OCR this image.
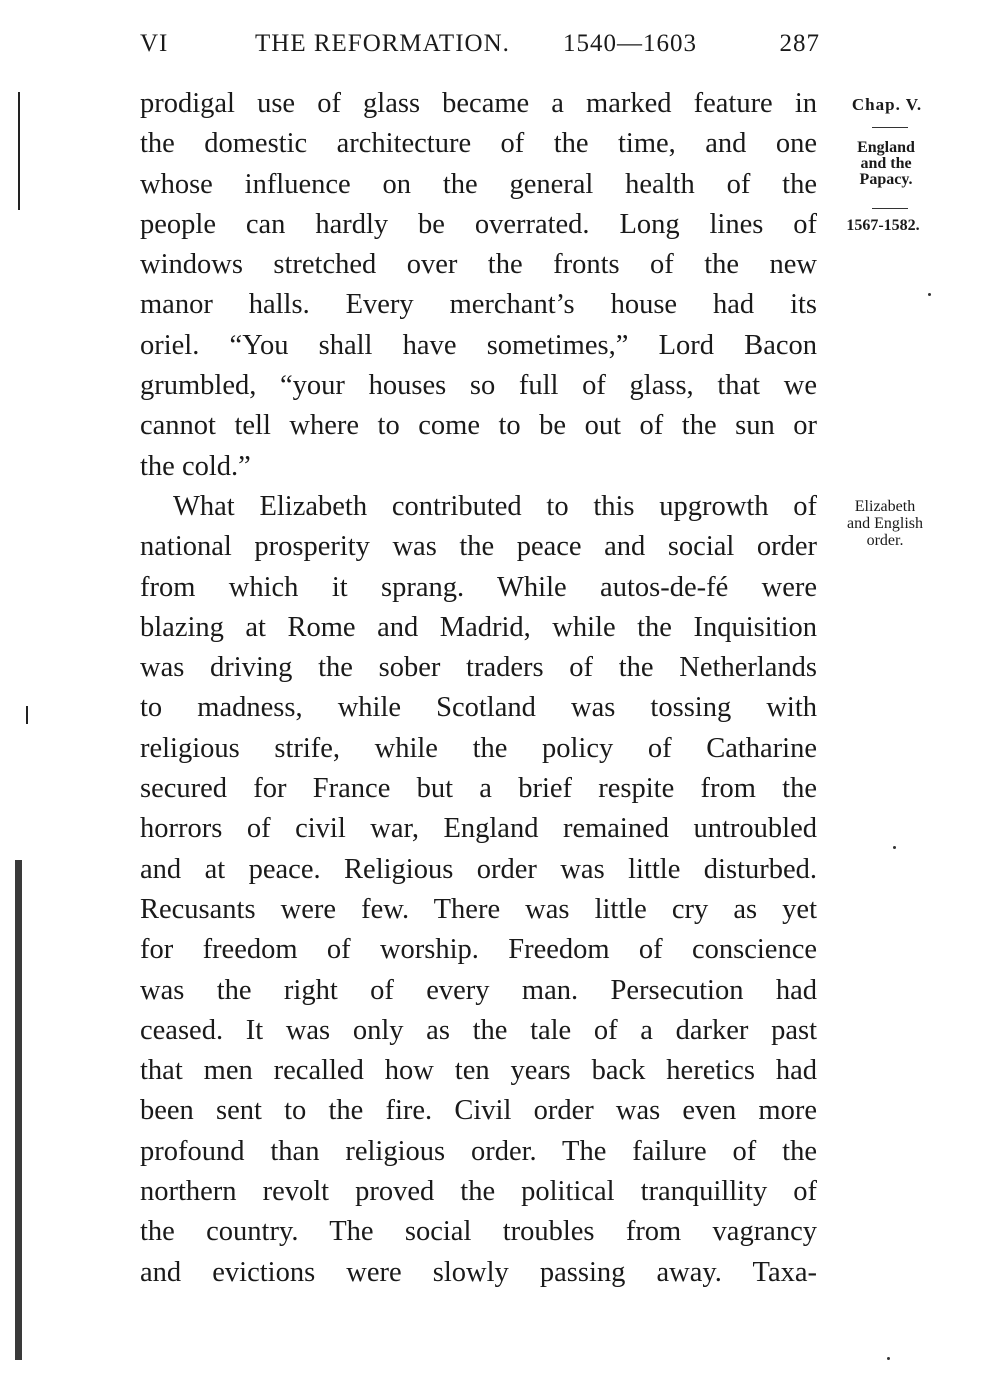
VI	THE REFORMATION. 1540—1603	287
prodigal use of glass became a marked feature in
the domestic architecture of the time, and one
whose influence on the general health of the
people can hardly be overrated. Long lines of
windows stretched over the fronts of the new
manor halls. Every merchant’s house had its
oriel. “You shall have sometimes,” Lord Bacon
grumbled, “your houses so full of glass, that we
cannot tell where to come to be out of the sun or
the cold.”
What Elizabeth contributed to this upgrowth of
national prosperity was the peace and social order
from which it sprang. While autos-de-fé were
blazing at Rome and Madrid, while the Inquisition
was driving the sober traders of the Netherlands
to madness, while Scotland was tossing with
religious strife, while the policy of Catharine
secured for France but a brief respite from the
horrors of civil war, England remained untroubled
and at peace. Religious order was little disturbed.
Recusants were few. There was little cry as yet
for freedom of worship. Freedom of conscience
was the right of every man. Persecution had
ceased. It was only as the tale of a darker past
that men recalled how ten years back heretics had
been sent to the fire. Civil order was even more
profound than religious order. The failure of the
northern revolt proved the political tranquillity of
the country. The social troubles from vagrancy
and evictions were slowly passing away. Taxa-
Chap. V.
England
and the
Papacy.
1567-1582.
Elizabeth
and English
order.
